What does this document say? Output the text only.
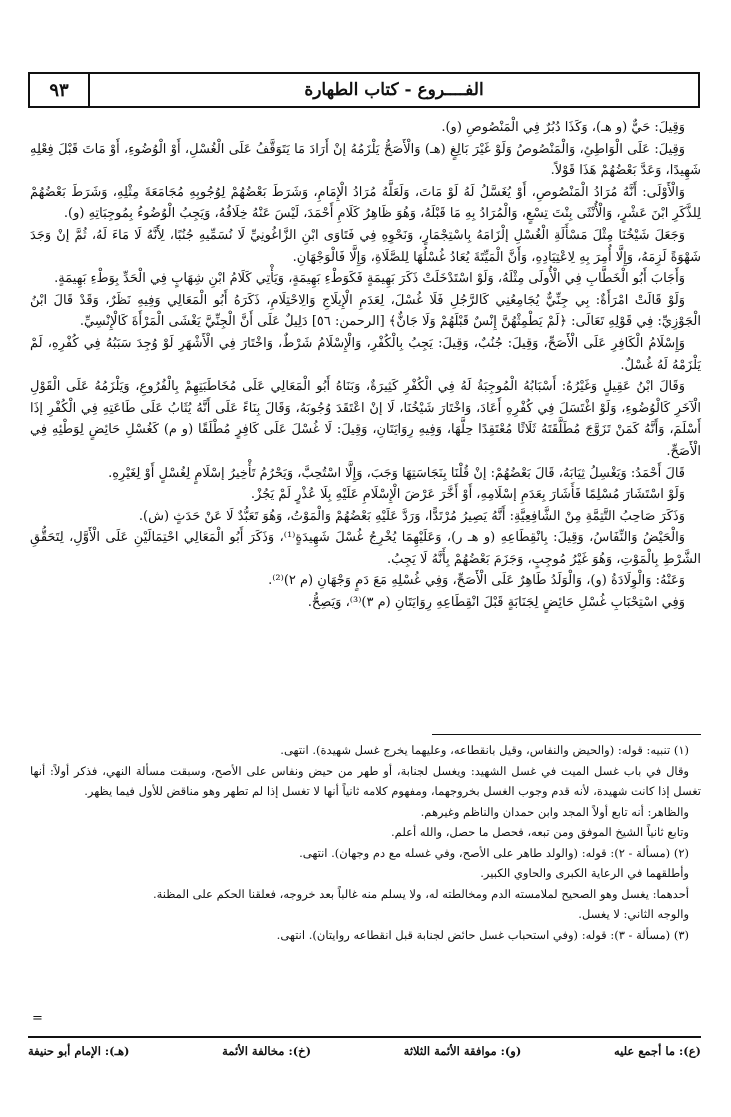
٩٣	الفــــروع - كتاب الطهارة

وَقِيلَ: حَيٌّ (و هـ)، وَكَذَا دُبُرٌ فِي الْمَنْصُوصِ (و).

وَقِيلَ: عَلَى الْوَاطِئِ، وَالْمَنْصُوصُ وَلَوْ غَيْرَ بَالِغٍ (هـ) وَالْأَصَحُّ يَلْزَمُهُ إنْ أَرَادَ مَا يَتَوَقَّفُ عَلَى الْغُسْلِ، أَوْ الْوُضُوءِ، أَوْ مَاتَ قَبْلَ فِعْلِهِ شَهِيدًا، وَعَدَّ بَعْضُهُمْ هَذَا قَوْلاً.

وَالْأَوْلَى: أَنَّهُ مُرَادُ الْمَنْصُوصِ، أَوْ يُغَسَّلُ لَهُ لَوْ مَاتَ، وَلَعَلَّهُ مُرَادُ الْإِمَامِ، وَشَرَطَ بَعْضُهُمْ لِوُجُوبِهِ مُجَامَعَةَ مِثْلِهِ، وَشَرَطَ بَعْضُهُمْ لِلذَّكَرِ ابْنَ عَشْرٍ، وَالْأُنْثَى بِنْتَ تِسْعٍ، وَالْمُرَادُ بِهِ مَا قَبْلَهُ، وَهُوَ ظَاهِرُ كَلَامِ أَحْمَدَ، لَيْسَ عَنْهُ خِلَافُهُ، وَيَجِبُ الْوُضُوءُ بِمُوجِبَاتِهِ (و).

وَجَعَلَ شَيْخُنَا مِثْلَ مَسْأَلَةِ الْغُسْلِ إلْزَامَهُ بِاسْتِجْمَارٍ، وَنَحْوِهِ فِي فَتَاوَى ابْنِ الزَّاغُونِيِّ لَا نُسَمِّيهِ جُنُبًا، لِأَنَّهُ لَا مَاءَ لَهُ، ثُمَّ إنْ وَجَدَ شَهْوَةً لَزِمَهُ، وَإِلَّا أُمِرَ بِهِ لِاعْتِيَادِهِ، وَأَنَّ الْمَيِّتَةَ يُعَادُ غُسْلُهَا لِلصَّلَاةِ، وَإِلَّا فَالْوَجْهَانِ.

وَأَجَابَ أَبُو الْخَطَّابِ فِي الْأُولَى مِثْلَهُ، وَلَوْ اسْتَدْخَلَتْ ذَكَرَ بَهِيمَةٍ فَكَوَطْءِ بَهِيمَةٍ، وَيَأْتِي كَلَامُ ابْنِ شِهَابٍ فِي الْحَدِّ بِوَطْءِ بَهِيمَةٍ.

وَلَوْ قَالَتْ امْرَأَةٌ: بِي جِنِّيٌّ يُجَامِعُنِي كَالرَّجُلِ فَلَا غُسْلَ، لِعَدَمِ الْإِيلَاجِ وَالِاحْتِلَامِ، ذَكَرَهُ أَبُو الْمَعَالِي وَفِيهِ نَظَرٌ، وَقَدْ قَالَ ابْنُ الْجَوْزِيِّ: فِي قَوْلِهِ تَعَالَى: ﴿لَمْ يَطْمِثْهُنَّ إِنْسٌ قَبْلَهُمْ وَلَا جَانٌّ﴾ [الرحمن: ٥٦] دَلِيلٌ عَلَى أَنَّ الْجِنِّيَّ يَغْشَى الْمَرْأَةَ كَالْإِنْسِيِّ.

وَإِسْلَامُ الْكَافِرِ عَلَى الْأَصَحِّ، وَقِيلَ: جُنُبٌ، وَقِيلَ: يَجِبُ بِالْكُفْرِ، وَالْإِسْلَامُ شَرْطٌ، وَاخْتَارَ فِي الْأَشْهَرِ لَوْ وُجِدَ سَبَبُهُ فِي كُفْرِهِ، لَمْ يَلْزَمْهُ لَهُ غُسْلٌ.

وَقَالَ ابْنُ عَقِيلٍ وَغَيْرُهُ: أَسْبَابُهُ الْمُوجِبَةُ لَهُ فِي الْكُفْرِ كَثِيرَةٌ، وَبَنَاهُ أَبُو الْمَعَالِي عَلَى مُخَاطَبَتِهِمْ بِالْفُرُوعِ، وَيَلْزَمُهُ عَلَى الْقَوْلِ الْآخَرِ كَالْوُضُوءِ، وَلَوْ اغْتَسَلَ فِي كُفْرِهِ أَعَادَ، وَاخْتَارَ شَيْخُنَا، لَا إنْ اعْتَقَدَ وُجُوبَهُ، وَقَالَ بِنَاءً عَلَى أَنَّهُ يُثَابُ عَلَى طَاعَتِهِ فِي الْكُفْرِ إذَا أَسْلَمَ، وَأَنَّهُ كَمَنْ تَزَوَّجَ مُطَلَّقَتَهُ ثَلَاثًا مُعْتَقِدًا حِلَّهَا، وَفِيهِ رِوَايَتَانِ، وَقِيلَ: لَا غُسْلَ عَلَى كَافِرٍ مُطْلَقًا (و م) كَغُسْلِ حَائِضٍ لِوَطْئِهِ فِي الْأَصَحِّ.

قَالَ أَحْمَدُ: وَيَغْسِلُ ثِيَابَهُ، قَالَ بَعْضُهُمْ: إنْ قُلْنَا بِنَجَاسَتِهَا وَجَبَ، وَإِلَّا اسْتُحِبَّ، وَيَحْرُمُ تَأْخِيرُ إسْلَامٍ لِغُسْلٍ أَوْ لِغَيْرِهِ.

وَلَوْ اسْتَشَارَ مُسْلِمًا فَأَشَارَ بِعَدَمِ إسْلَامِهِ، أَوْ أَخَّرَ عَرْضَ الْإِسْلَامِ عَلَيْهِ بِلَا عُذْرٍ لَمْ يَجُزْ.

وَذَكَرَ صَاحِبُ التَّتِمَّةِ مِنْ الشَّافِعِيَّةِ: أَنَّهُ يَصِيرُ مُرْتَدًّا، وَرَدَّ عَلَيْهِ بَعْضُهُمْ وَالْمَوْتُ، وَهُوَ تَعَبُّدٌ لَا عَنْ حَدَثٍ (ش).

وَالْحَيْضُ وَالنِّفَاسُ، وَقِيلَ: بِانْقِطَاعِهِ (و هـ ر)، وَعَلَيْهِمَا يُخْرِجُ غُسْلَ شَهِيدَةٍ⁽¹⁾، وَذَكَرَ أَبُو الْمَعَالِي احْتِمَالَيْنِ عَلَى الْأَوَّلِ، لِتَحَقُّقِ الشَّرْطِ بِالْمَوْتِ، وَهُوَ غَيْرُ مُوجِبٍ، وَجَزَمَ بَعْضُهُمْ بِأَنَّهُ لَا يَجِبُ.

وَعَنْهُ: وَالْوِلَادَةُ (و)، وَالْوَلَدُ طَاهِرٌ عَلَى الْأَصَحِّ، وَفِي غُسْلِهِ مَعَ دَمٍ وَجْهَانِ (م ٢)⁽²⁾.

وَفِي اسْتِحْبَابِ غُسْلِ حَائِضٍ لِجَنَابَةٍ قَبْلَ انْقِطَاعِهِ رِوَايَتَانِ (م ٣)⁽³⁾، وَيَصِحُّ.

(١) تنبيه: قوله: (والحيض والنفاس، وقيل بانقطاعه، وعليهما يخرج غسل شهيدة). انتهى.

وقال في باب غسل الميت في غسل الشهيد: ويغسل لجنابة، أو طهر من حيض ونفاس على الأصح، وسبقت مسألة النهي، فذكر أولاً: أنها تغسل إذا كانت شهيدة، لأنه قدم وجوب الغسل بخروجهما، ومفهوم كلامه ثانياً أنها لا تغسل إذا لم تطهر وهو مناقض للأول فيما يظهر.

والظاهر: أنه تابع أولاً المجد وابن حمدان والناظم وغيرهم.

وتابع ثانياً الشيخ الموفق ومن تبعه، فحصل ما حصل، والله أعلم.

(٢) (مسألة - ٢): قوله: (والولد طاهر على الأصح، وفي غسله مع دم وجهان). انتهى.

وأطلقهما في الرعاية الكبرى والحاوي الكبير.

أحدهما: يغسل وهو الصحيح لملامسته الدم ومخالطته له، ولا يسلم منه غالباً بعد خروجه، فعلقنا الحكم على المظنة.

والوجه الثاني: لا يغسل.

(٣) (مسألة - ٣): قوله: (وفي استحباب غسل حائض لجنابة قبل انقطاعه روايتان). انتهى.

=
(ع): ما أجمع عليه
(و): موافقة الأئمة الثلاثة
(خ): مخالفة الأئمة
(هـ): الإمام أبو حنيفة
